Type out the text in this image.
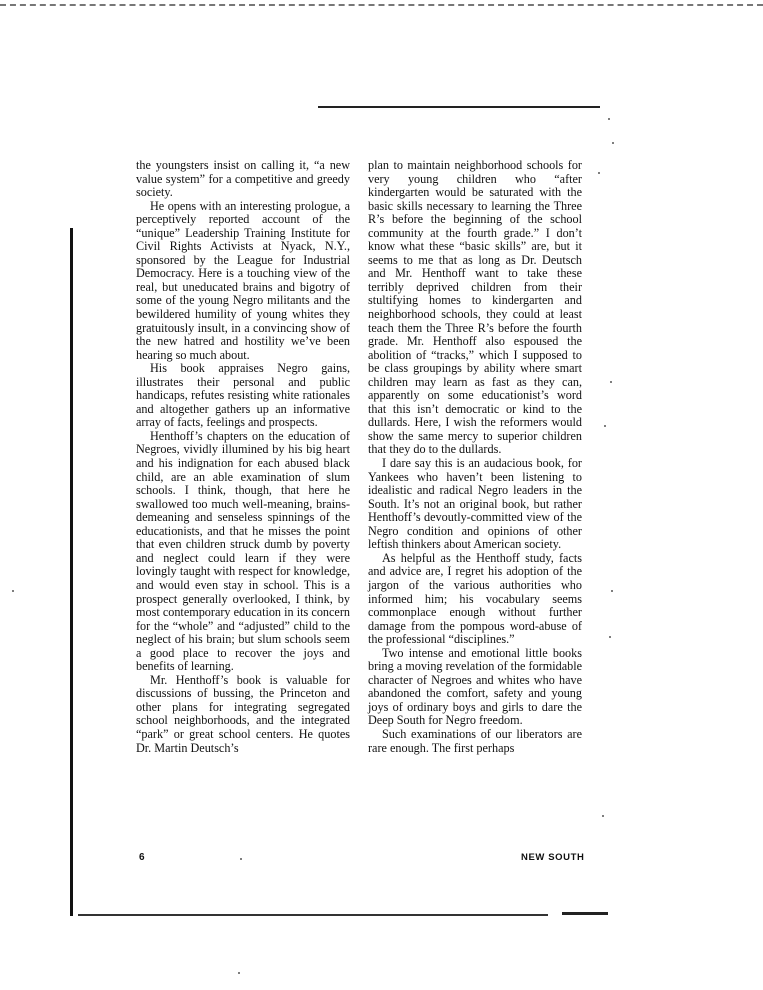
the youngsters insist on calling it, “a new value system” for a competitive and greedy society.

He opens with an interesting prologue, a perceptively reported account of the “unique” Leadership Training Institute for Civil Rights Activists at Nyack, N.Y., sponsored by the League for Industrial Democracy. Here is a touching view of the real, but uneducated brains and bigotry of some of the young Negro militants and the bewildered humility of young whites they gratuitously insult, in a convincing show of the new hatred and hostility we’ve been hearing so much about.

His book appraises Negro gains, illustrates their personal and public handicaps, refutes resisting white rationales and altogether gathers up an informative array of facts, feelings and prospects.

Henthoff’s chapters on the education of Negroes, vividly illumined by his big heart and his indignation for each abused black child, are an able examination of slum schools. I think, though, that here he swallowed too much well-meaning, brains-demeaning and senseless spinnings of the educationists, and that he misses the point that even children struck dumb by poverty and neglect could learn if they were lovingly taught with respect for knowledge, and would even stay in school. This is a prospect generally overlooked, I think, by most contemporary education in its concern for the “whole” and “adjusted” child to the neglect of his brain; but slum schools seem a good place to recover the joys and benefits of learning.

Mr. Henthoff’s book is valuable for discussions of bussing, the Princeton and other plans for integrating segregated school neighborhoods, and the integrated “park” or great school centers. He quotes Dr. Martin Deutsch’s

plan to maintain neighborhood schools for very young children who “after kindergarten would be saturated with the basic skills necessary to learning the Three R’s before the beginning of the school community at the fourth grade.” I don’t know what these “basic skills” are, but it seems to me that as long as Dr. Deutsch and Mr. Henthoff want to take these terribly deprived children from their stultifying homes to kindergarten and neighborhood schools, they could at least teach them the Three R’s before the fourth grade. Mr. Henthoff also espoused the abolition of “tracks,” which I supposed to be class groupings by ability where smart children may learn as fast as they can, apparently on some educationist’s word that this isn’t democratic or kind to the dullards. Here, I wish the reformers would show the same mercy to superior children that they do to the dullards.

I dare say this is an audacious book, for Yankees who haven’t been listening to idealistic and radical Negro leaders in the South. It’s not an original book, but rather Henthoff’s devoutly-committed view of the Negro condition and opinions of other leftish thinkers about American society.

As helpful as the Henthoff study, facts and advice are, I regret his adoption of the jargon of the various authorities who informed him; his vocabulary seems commonplace enough without further damage from the pompous word-abuse of the professional “disciplines.”

Two intense and emotional little books bring a moving revelation of the formidable character of Negroes and whites who have abandoned the comfort, safety and young joys of ordinary boys and girls to dare the Deep South for Negro freedom.

Such examinations of our liberators are rare enough. The first perhaps

6	NEW SOUTH
